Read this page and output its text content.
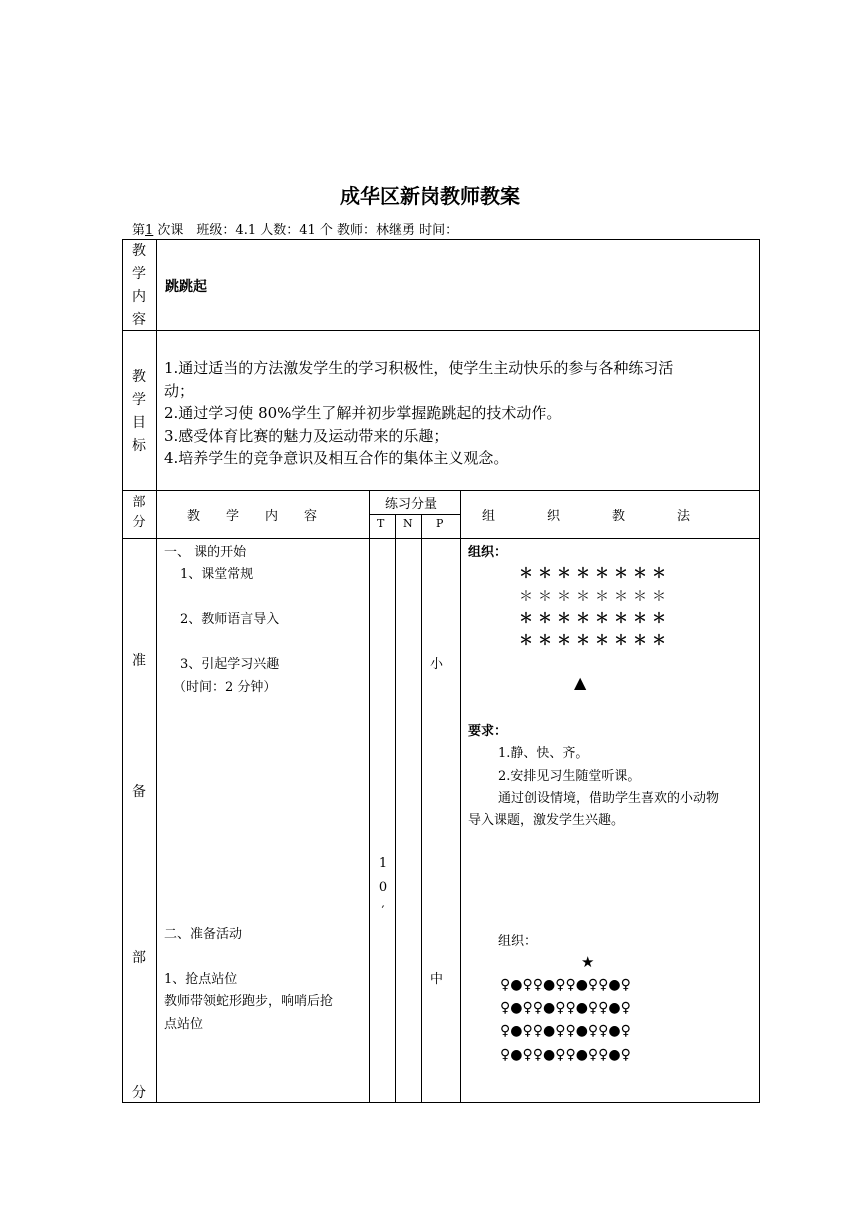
成华区新岗教师教案
第1 次课　班级：4.1 人数：41 个 教师：林继勇 时间：
教
学
内
容
跳跳起
教
学
目
标
1.通过适当的方法激发学生的学习积极性，使学生主动快乐的参与各种练习活
动；
2.通过学习使 80%学生了解并初步掌握跪跳起的技术动作。
3.感受体育比赛的魅力及运动带来的乐趣；
4.培养学生的竞争意识及相互合作的集体主义观念。
部
分	教　　学　　内　　容
练习分量
T N P	组　　　　织　　　　教　　　　法
准
备
部
分
一、 课的开始
1、课堂常规
2、教师语言导入
3、引起学习兴趣
（时间：2 分钟）
二、准备活动
1、抢点站位
教师带领蛇形跑步，响哨后抢
点站位
1
0
′
小
中
组织：
＊＊＊＊＊＊＊＊
＊＊＊＊＊＊＊＊
＊＊＊＊＊＊＊＊
＊＊＊＊＊＊＊＊
▲
要求：
1.静、快、齐。
2.安排见习生随堂听课。
通过创设情境，借助学生喜欢的小动物
导入课题，激发学生兴趣。
组织：
★
♀●♀♀●♀♀●♀♀●♀
♀●♀♀●♀♀●♀♀●♀
♀●♀♀●♀♀●♀♀●♀
♀●♀♀●♀♀●♀♀●♀
